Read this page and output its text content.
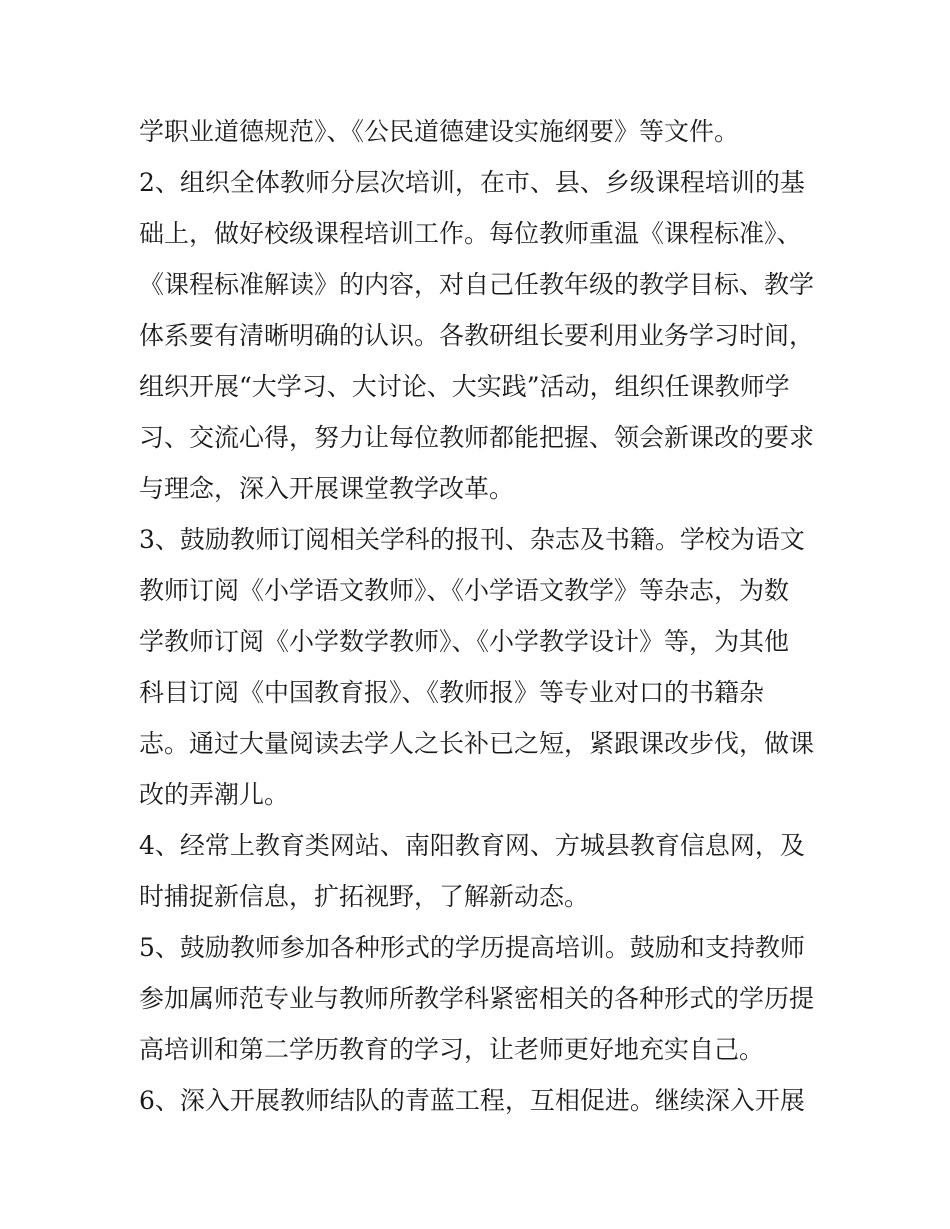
学职业道德规范》、《公民道德建设实施纲要》等文件。
2、组织全体教师分层次培训，在市、县、乡级课程培训的基
础上，做好校级课程培训工作。每位教师重温《课程标准》、
《课程标准解读》的内容，对自己任教年级的教学目标、教学
体系要有清晰明确的认识。各教研组长要利用业务学习时间，
组织开展“大学习、大讨论、大实践”活动，组织任课教师学
习、交流心得，努力让每位教师都能把握、领会新课改的要求
与理念，深入开展课堂教学改革。
3、鼓励教师订阅相关学科的报刊、杂志及书籍。学校为语文
教师订阅《小学语文教师》、《小学语文教学》等杂志，为数
学教师订阅《小学数学教师》、《小学教学设计》等，为其他
科目订阅《中国教育报》、《教师报》等专业对口的书籍杂
志。通过大量阅读去学人之长补已之短，紧跟课改步伐，做课
改的弄潮儿。
4、经常上教育类网站、南阳教育网、方城县教育信息网，及
时捕捉新信息，扩拓视野，了解新动态。
5、鼓励教师参加各种形式的学历提高培训。鼓励和支持教师
参加属师范专业与教师所教学科紧密相关的各种形式的学历提
高培训和第二学历教育的学习，让老师更好地充实自己。
6、深入开展教师结队的青蓝工程，互相促进。继续深入开展
